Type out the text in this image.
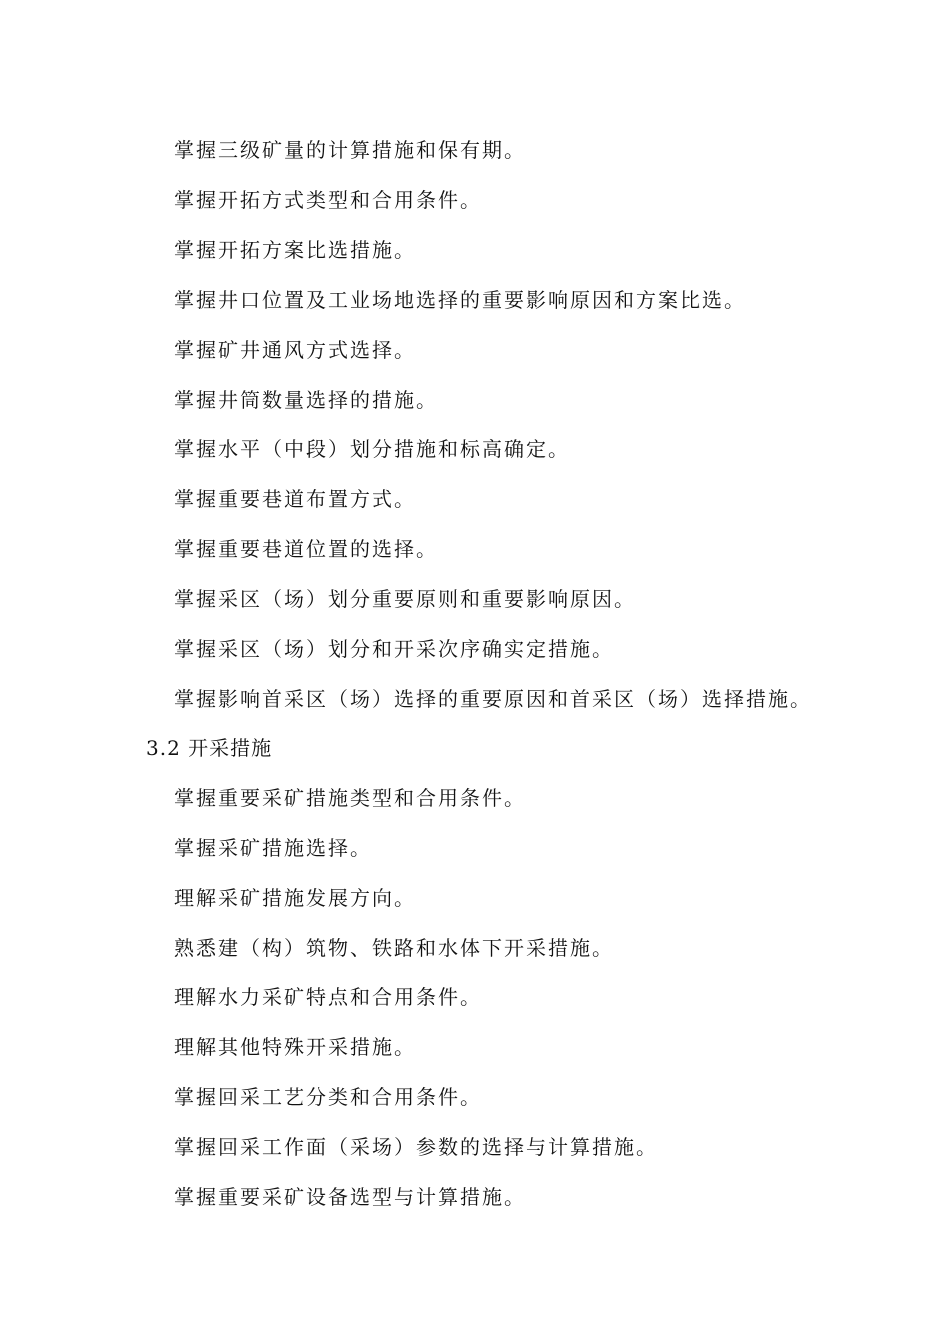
掌握三级矿量的计算措施和保有期。
掌握开拓方式类型和合用条件。
掌握开拓方案比选措施。
掌握井口位置及工业场地选择的重要影响原因和方案比选。
掌握矿井通风方式选择。
掌握井筒数量选择的措施。
掌握水平（中段）划分措施和标高确定。
掌握重要巷道布置方式。
掌握重要巷道位置的选择。
掌握采区（场）划分重要原则和重要影响原因。
掌握采区（场）划分和开采次序确实定措施。
掌握影响首采区（场）选择的重要原因和首采区（场）选择措施。
3.2 开采措施
掌握重要采矿措施类型和合用条件。
掌握采矿措施选择。
理解采矿措施发展方向。
熟悉建（构）筑物、铁路和水体下开采措施。
理解水力采矿特点和合用条件。
理解其他特殊开采措施。
掌握回采工艺分类和合用条件。
掌握回采工作面（采场）参数的选择与计算措施。
掌握重要采矿设备选型与计算措施。
